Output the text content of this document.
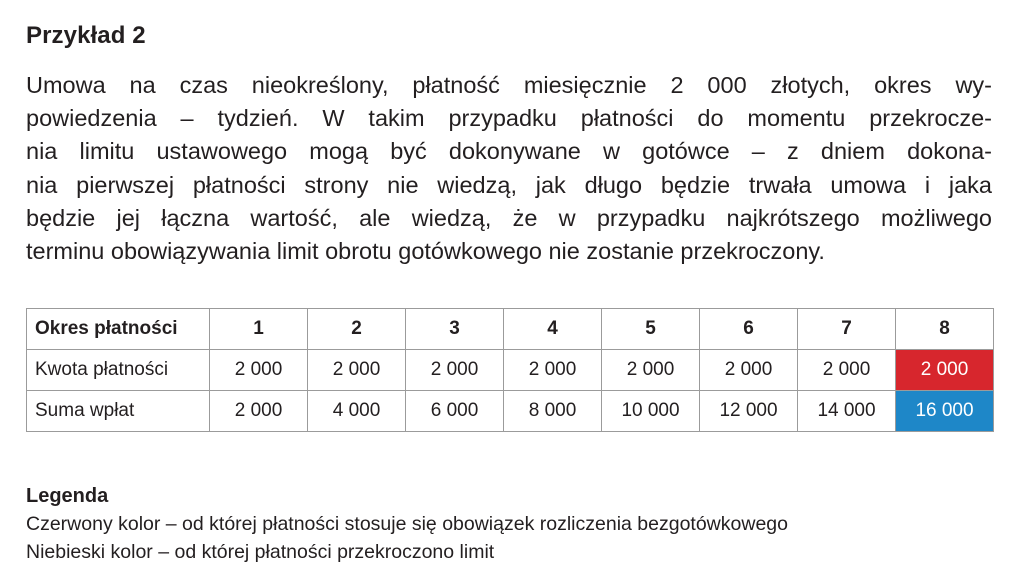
Przykład 2
Umowa na czas nieokreślony, płatność miesięcznie 2 000 złotych, okres wy-
powiedzenia – tydzień. W takim przypadku płatności do momentu przekrocze-
nia limitu ustawowego mogą być dokonywane w gotówce – z dniem dokona-
nia pierwszej płatności strony nie wiedzą, jak długo będzie trwała umowa i jaka
będzie jej łączna wartość, ale wiedzą, że w przypadku najkrótszego możliwego
terminu obowiązywania limit obrotu gotówkowego nie zostanie przekroczony.
Okres płatności	1	2	3	4	5	6	7	8
Kwota płatności	2 000	2 000	2 000	2 000	2 000	2 000	2 000	2 000
Suma wpłat	2 000	4 000	6 000	8 000	10 000	12 000	14 000	16 000
Legenda
Czerwony kolor – od której płatności stosuje się obowiązek rozliczenia bezgotówkowego
Niebieski kolor – od której płatności przekroczono limit
